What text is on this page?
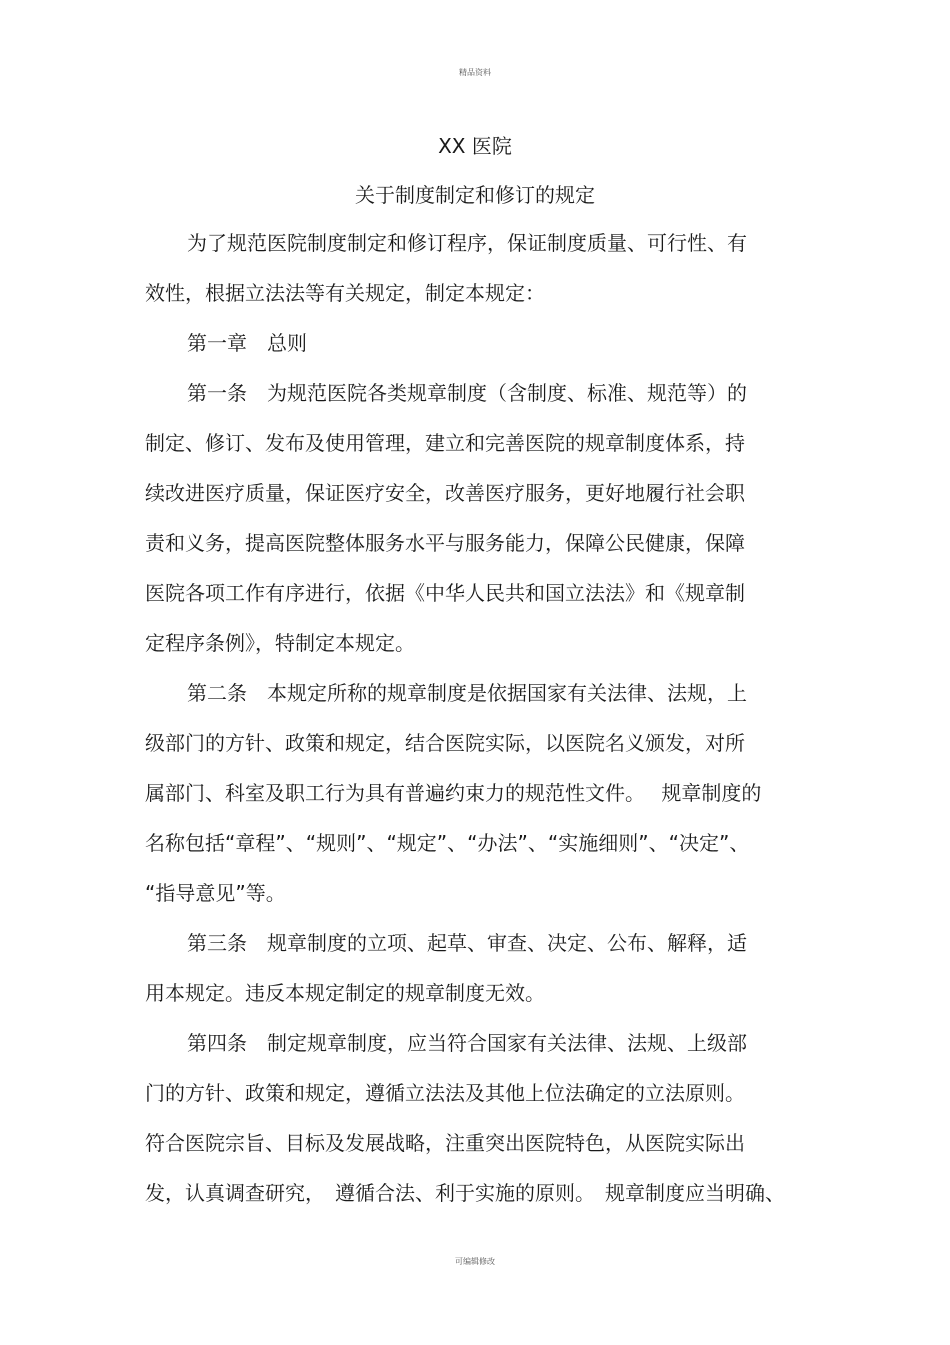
精品资料
XX 医院
关于制度制定和修订的规定
为了规范医院制度制定和修订程序，保证制度质量、可行性、有
效性，根据立法法等有关规定，制定本规定：
第一章　总则
第一条　为规范医院各类规章制度（含制度、标准、规范等）的
制定、修订、发布及使用管理，建立和完善医院的规章制度体系，持
续改进医疗质量，保证医疗安全，改善医疗服务，更好地履行社会职
责和义务，提高医院整体服务水平与服务能力，保障公民健康，保障
医院各项工作有序进行，依据《中华人民共和国立法法》和《规章制
定程序条例》，特制定本规定。
第二条　本规定所称的规章制度是依据国家有关法律、法规，上
级部门的方针、政策和规定，结合医院实际，以医院名义颁发，对所
属部门、科室及职工行为具有普遍约束力的规范性文件。　 规章制度的
名称包括“章程”、“规则”、“规定”、“办法”、“实施细则”、“决定”、
“指导意见”等。
第三条　规章制度的立项、起草、审查、决定、公布、解释，适
用本规定。违反本规定制定的规章制度无效。
第四条　制定规章制度，应当符合国家有关法律、法规、上级部
门的方针、政策和规定，遵循立法法及其他上位法确定的立法原则。
符合医院宗旨、目标及发展战略，注重突出医院特色，从医院实际出
发，认真调查研究，　遵循合法、利于实施的原则。　规章制度应当明确、
可编辑修改
